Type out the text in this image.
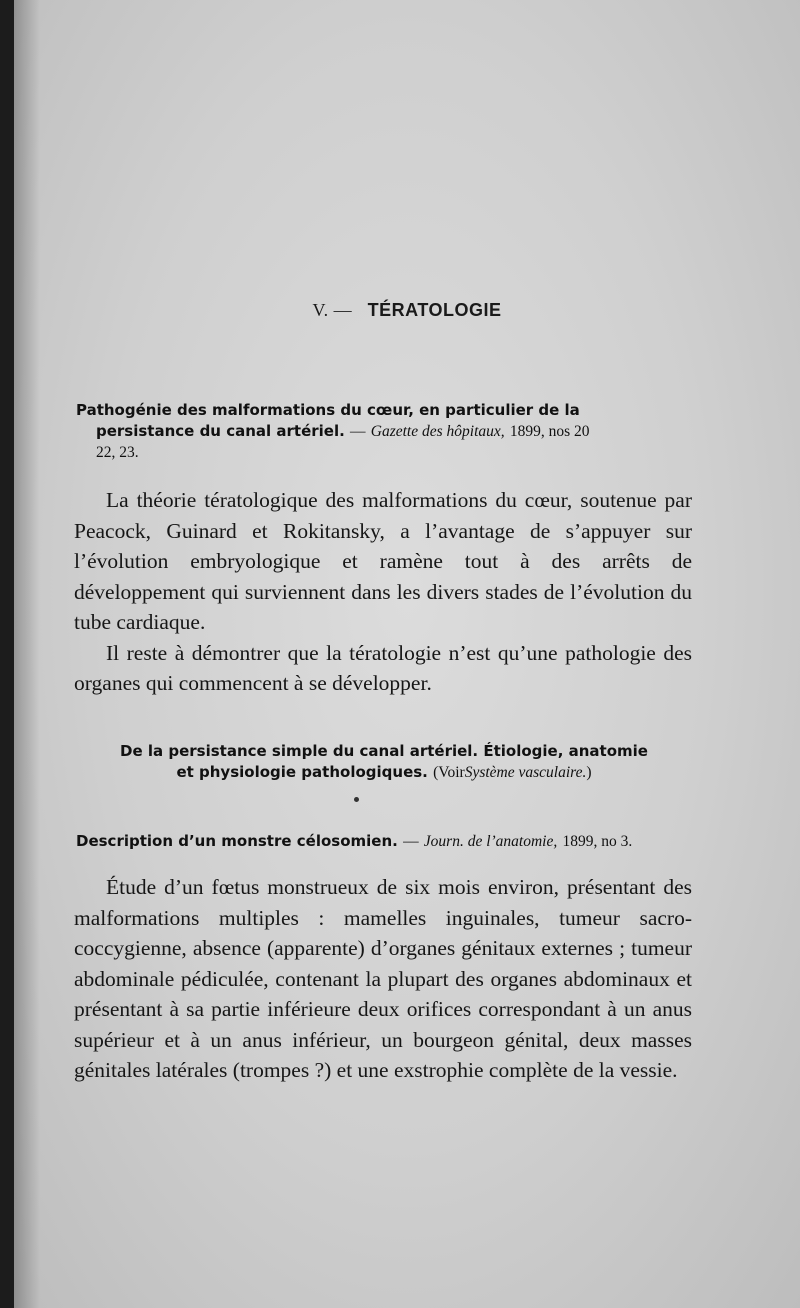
V. — TÉRATOLOGIE
Pathogénie des malformations du cœur, en particulier de la
persistance du canal artériel. — Gazette des hôpitaux, 1899, nos 20
22, 23.

La théorie tératologique des malformations du cœur, soutenue par Peacock, Guinard et Rokitansky, a l’avantage de s’appuyer sur l’évolution embryologique et ramène tout à des arrêts de développement qui surviennent dans les divers stades de l’évolution du tube cardiaque.

Il reste à démontrer que la tératologie n’est qu’une pathologie des organes qui commencent à se développer.

De la persistance simple du canal artériel. Étiologie, anatomie
et physiologie pathologiques. (VoirSystème vasculaire.)
Description d’un monstre célosomien. — Journ. de l’anatomie, 1899, no 3.

Étude d’un fœtus monstrueux de six mois environ, présentant des malformations multiples : mamelles inguinales, tumeur sacro-coccygienne, absence (apparente) d’organes génitaux externes ; tumeur abdominale pédiculée, contenant la plupart des organes abdominaux et présentant à sa partie inférieure deux orifices correspondant à un anus supérieur et à un anus inférieur, un bourgeon génital, deux masses génitales latérales (trompes ?) et une exstrophie complète de la vessie.
